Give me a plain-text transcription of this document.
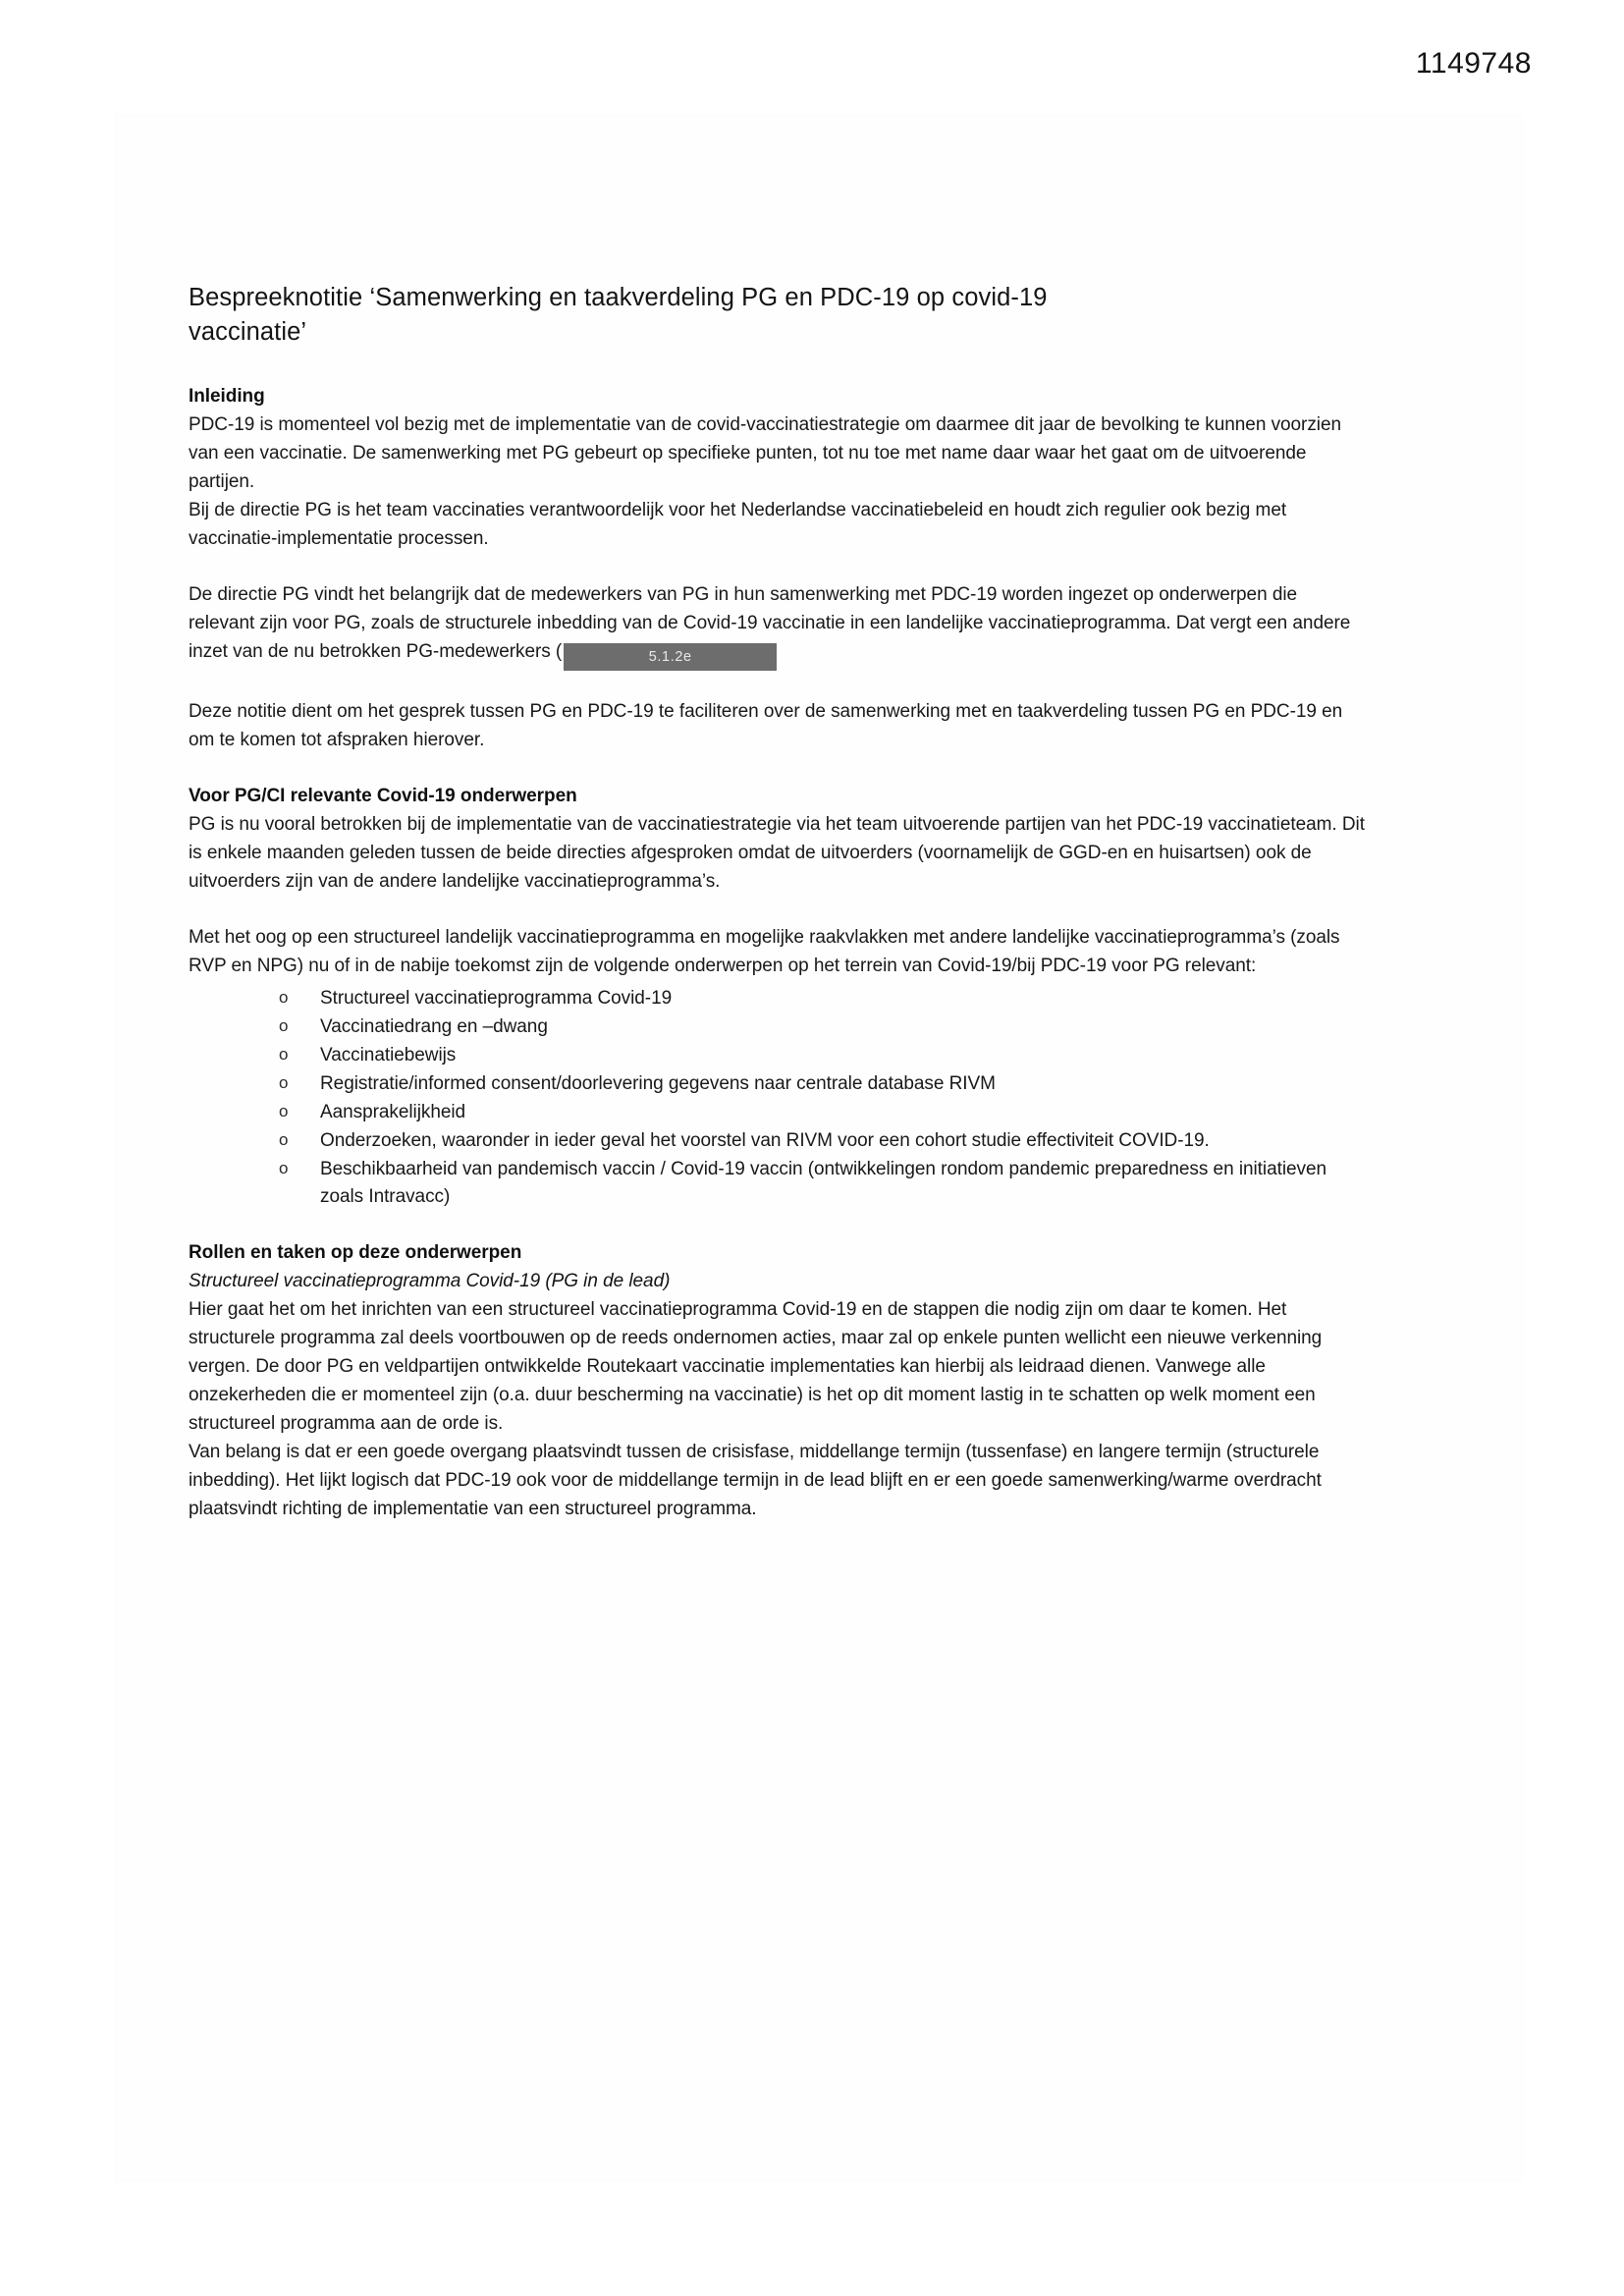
1149748
Bespreeknotitie ‘Samenwerking en taakverdeling PG en PDC-19 op covid-19 vaccinatie’
Inleiding

PDC-19 is momenteel vol bezig met de implementatie van de covid-vaccinatiestrategie om daarmee dit jaar de bevolking te kunnen voorzien van een vaccinatie. De samenwerking met PG gebeurt op specifieke punten, tot nu toe met name daar waar het gaat om de uitvoerende partijen.

Bij de directie PG is het team vaccinaties verantwoordelijk voor het Nederlandse vaccinatiebeleid en houdt zich regulier ook bezig met vaccinatie-implementatie processen.

De directie PG vindt het belangrijk dat de medewerkers van PG in hun samenwerking met PDC-19 worden ingezet op onderwerpen die relevant zijn voor PG, zoals de structurele inbedding van de Covid-19 vaccinatie in een landelijke vaccinatieprogramma. Dat vergt een andere inzet van de nu betrokken PG-medewerkers (	5.1.2e

Deze notitie dient om het gesprek tussen PG en PDC-19 te faciliteren over de samenwerking met en taakverdeling tussen PG en PDC-19 en om te komen tot afspraken hierover.

Voor PG/CI relevante Covid-19 onderwerpen

PG is nu vooral betrokken bij de implementatie van de vaccinatiestrategie via het team uitvoerende partijen van het PDC-19 vaccinatieteam. Dit is enkele maanden geleden tussen de beide directies afgesproken omdat de uitvoerders (voornamelijk de GGD-en en huisartsen) ook de uitvoerders zijn van de andere landelijke vaccinatieprogramma’s.

Met het oog op een structureel landelijk vaccinatieprogramma en mogelijke raakvlakken met andere landelijke vaccinatieprogramma’s (zoals RVP en NPG) nu of in de nabije toekomst zijn de volgende onderwerpen op het terrein van Covid-19/bij PDC-19 voor PG relevant:

o Structureel vaccinatieprogramma Covid-19
o Vaccinatiedrang en –dwang
o Vaccinatiebewijs
o Registratie/informed consent/doorlevering gegevens naar centrale database RIVM
o Aansprakelijkheid
o Onderzoeken, waaronder in ieder geval het voorstel van RIVM voor een cohort studie effectiviteit COVID-19.
o Beschikbaarheid van pandemisch vaccin / Covid-19 vaccin (ontwikkelingen rondom pandemic preparedness en initiatieven zoals Intravacc)
Rollen en taken op deze onderwerpen
Structureel vaccinatieprogramma Covid-19 (PG in de lead)

Hier gaat het om het inrichten van een structureel vaccinatieprogramma Covid-19 en de stappen die nodig zijn om daar te komen. Het structurele programma zal deels voortbouwen op de reeds ondernomen acties, maar zal op enkele punten wellicht een nieuwe verkenning vergen. De door PG en veldpartijen ontwikkelde Routekaart vaccinatie implementaties kan hierbij als leidraad dienen. Vanwege alle onzekerheden die er momenteel zijn (o.a. duur bescherming na vaccinatie) is het op dit moment lastig in te schatten op welk moment een structureel programma aan de orde is.

Van belang is dat er een goede overgang plaatsvindt tussen de crisisfase, middellange termijn (tussenfase) en langere termijn (structurele inbedding). Het lijkt logisch dat PDC-19 ook voor de middellange termijn in de lead blijft en er een goede samenwerking/warme overdracht plaatsvindt richting de implementatie van een structureel programma.
